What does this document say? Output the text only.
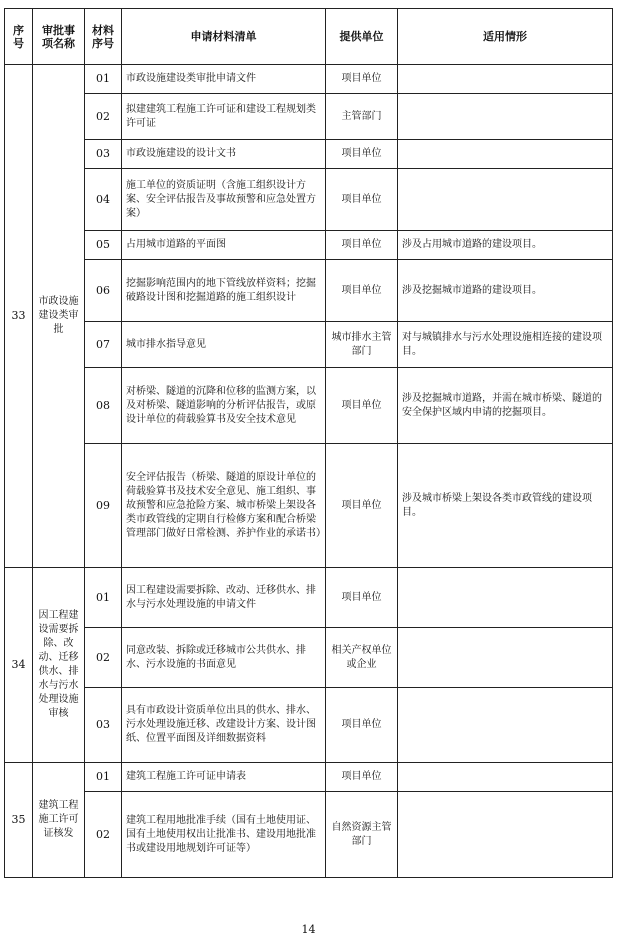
序号	审批事项名称	材料序号	申请材料清单	提供单位	适用情形
33	市政设施建设类审批	01	市政设施建设类审批申请文件	项目单位	
		02	拟建建筑工程施工许可证和建设工程规划类许可证	主管部门	
		03	市政设施建设的设计文书	项目单位	
		04	施工单位的资质证明（含施工组织设计方案、安全评估报告及事故预警和应急处置方案）	项目单位	
		05	占用城市道路的平面图	项目单位	涉及占用城市道路的建设项目。
		06	挖掘影响范围内的地下管线放样资料；挖掘破路设计图和挖掘道路的施工组织设计	项目单位	涉及挖掘城市道路的建设项目。
		07	城市排水指导意见	城市排水主管部门	对与城镇排水与污水处理设施相连接的建设项目。
		08	对桥梁、隧道的沉降和位移的监测方案，以及对桥梁、隧道影响的分析评估报告，或原设计单位的荷载验算书及安全技术意见	项目单位	涉及挖掘城市道路，并需在城市桥梁、隧道的安全保护区域内申请的挖掘项目。
		09	安全评估报告（桥梁、隧道的原设计单位的荷载验算书及技术安全意见、施工组织、事故预警和应急抢险方案、城市桥梁上架设各类市政管线的定期自行检修方案和配合桥梁管理部门做好日常检测、养护作业的承诺书）	项目单位	涉及城市桥梁上架设各类市政管线的建设项目。
34	因工程建设需要拆除、改动、迁移供水、排水与污水处理设施审核	01	因工程建设需要拆除、改动、迁移供水、排水与污水处理设施的申请文件	项目单位	
		02	同意改装、拆除或迁移城市公共供水、排水、污水设施的书面意见	相关产权单位或企业	
		03	具有市政设计资质单位出具的供水、排水、污水处理设施迁移、改建设计方案、设计图纸、位置平面图及详细数据资料	项目单位	
35	建筑工程施工许可证核发	01	建筑工程施工许可证申请表	项目单位	
		02	建筑工程用地批准手续（国有土地使用证、国有土地使用权出让批准书、建设用地批准书或建设用地规划许可证等）	自然资源主管部门	
14
